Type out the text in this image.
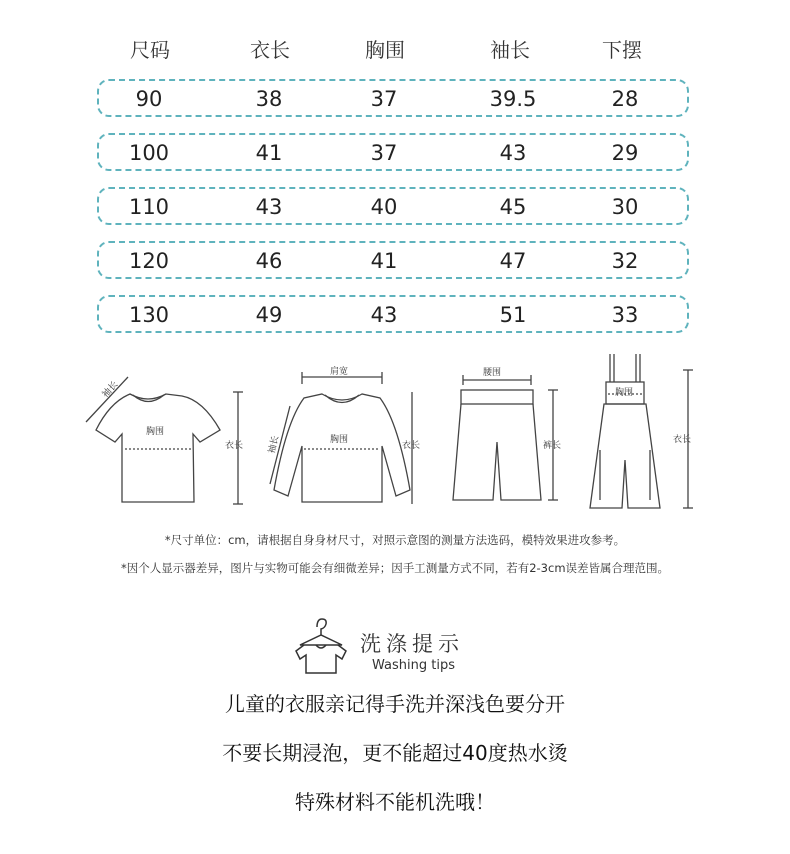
尺码	衣长	胸围	袖长	下摆
90	38	37	39.5	28
100	41	37	43	29
110	43	40	45	30
120	46	41	47	32
130	49	43	51	33
袖长
胸围
衣长
肩宽
袖长	胸围
衣长
腰围
裤长
胸围
衣长
*尺寸单位：cm，请根据自身身材尺寸，对照示意图的测量方法选码，模特效果进攻参考。
*因个人显示器差异，图片与实物可能会有细微差异；因手工测量方式不同，若有2-3cm误差皆属合理范围。
洗涤提示
Washing tips
儿童的衣服亲记得手洗并深浅色要分开
不要长期浸泡，更不能超过40度热水烫
特殊材料不能机洗哦！
